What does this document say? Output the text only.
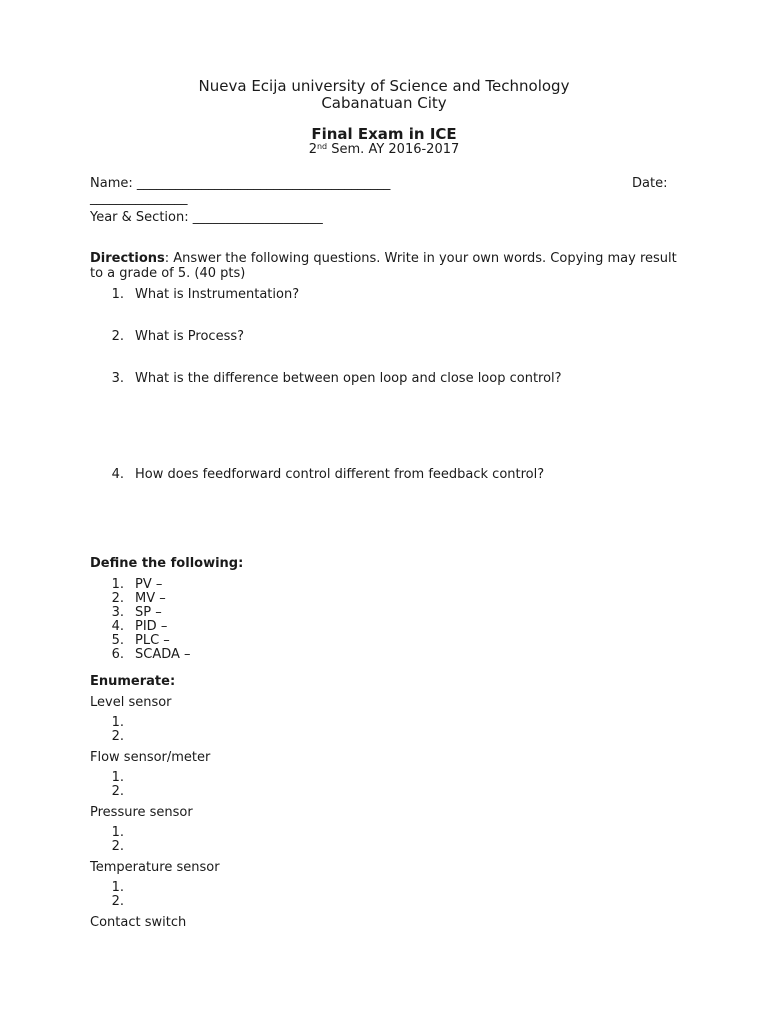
Nueva Ecija university of Science and Technology
Cabanatuan City
Final Exam in ICE
2nd Sem. AY 2016-2017
Name: _______________________________________	Date:
_______________
Year & Section: ____________________
Directions: Answer the following questions. Write in your own words. Copying may result to a grade of 5. (40 pts)
1. What is Instrumentation?
2. What is Process?
3. What is the difference between open loop and close loop control?
4. How does feedforward control different from feedback control?
Define the following:
1. PV –
2. MV –
3. SP –
4. PID –
5. PLC –
6. SCADA –
Enumerate:
Level sensor
1.
2.
Flow sensor/meter
1.
2.
Pressure sensor
1.
2.
Temperature sensor
1.
2.
Contact switch
